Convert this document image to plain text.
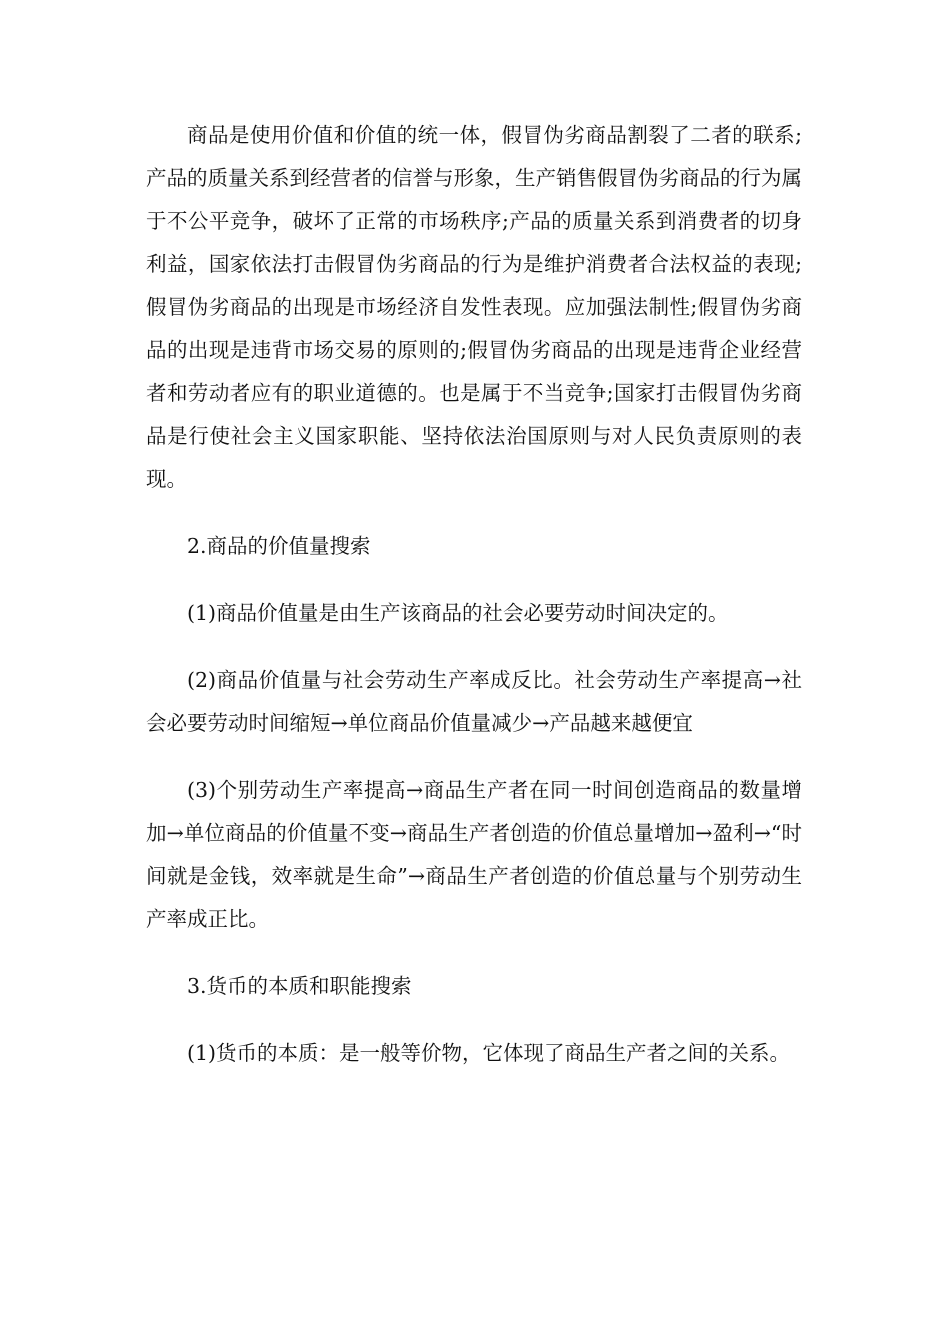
商品是使用价值和价值的统一体，假冒伪劣商品割裂了二者的联系;产品的质量关系到经营者的信誉与形象，生产销售假冒伪劣商品的行为属于不公平竞争，破坏了正常的市场秩序;产品的质量关系到消费者的切身利益，国家依法打击假冒伪劣商品的行为是维护消费者合法权益的表现;假冒伪劣商品的出现是市场经济自发性表现。应加强法制性;假冒伪劣商品的出现是违背市场交易的原则的;假冒伪劣商品的出现是违背企业经营者和劳动者应有的职业道德的。也是属于不当竞争;国家打击假冒伪劣商品是行使社会主义国家职能、坚持依法治国原则与对人民负责原则的表现。

2.商品的价值量搜索

(1)商品价值量是由生产该商品的社会必要劳动时间决定的。

(2)商品价值量与社会劳动生产率成反比。社会劳动生产率提高→社会必要劳动时间缩短→单位商品价值量减少→产品越来越便宜

(3)个别劳动生产率提高→商品生产者在同一时间创造商品的数量增加→单位商品的价值量不变→商品生产者创造的价值总量增加→盈利→“时间就是金钱，效率就是生命”→商品生产者创造的价值总量与个别劳动生产率成正比。

3.货币的本质和职能搜索

(1)货币的本质：是一般等价物，它体现了商品生产者之间的关系。
